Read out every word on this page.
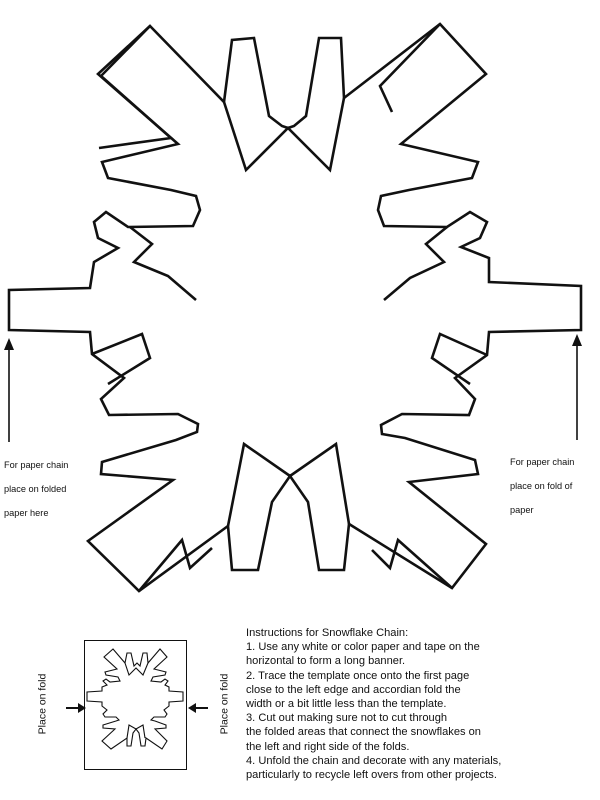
For paper chain

place on folded

paper here

For paper chain

place on fold of

paper

Place on fold	Place on fold
Instructions for Snowflake Chain:
1. Use any white or color paper and tape on the
horizontal to form a long banner.
2. Trace the template once onto the first page
close to the left edge and accordian fold the
width or a bit little less than the template.
3. Cut out making sure not to cut through
the folded areas that connect the snowflakes on
the left and right side of the folds.
4. Unfold the chain and decorate with any materials,
particularly to recycle left overs from other projects.
